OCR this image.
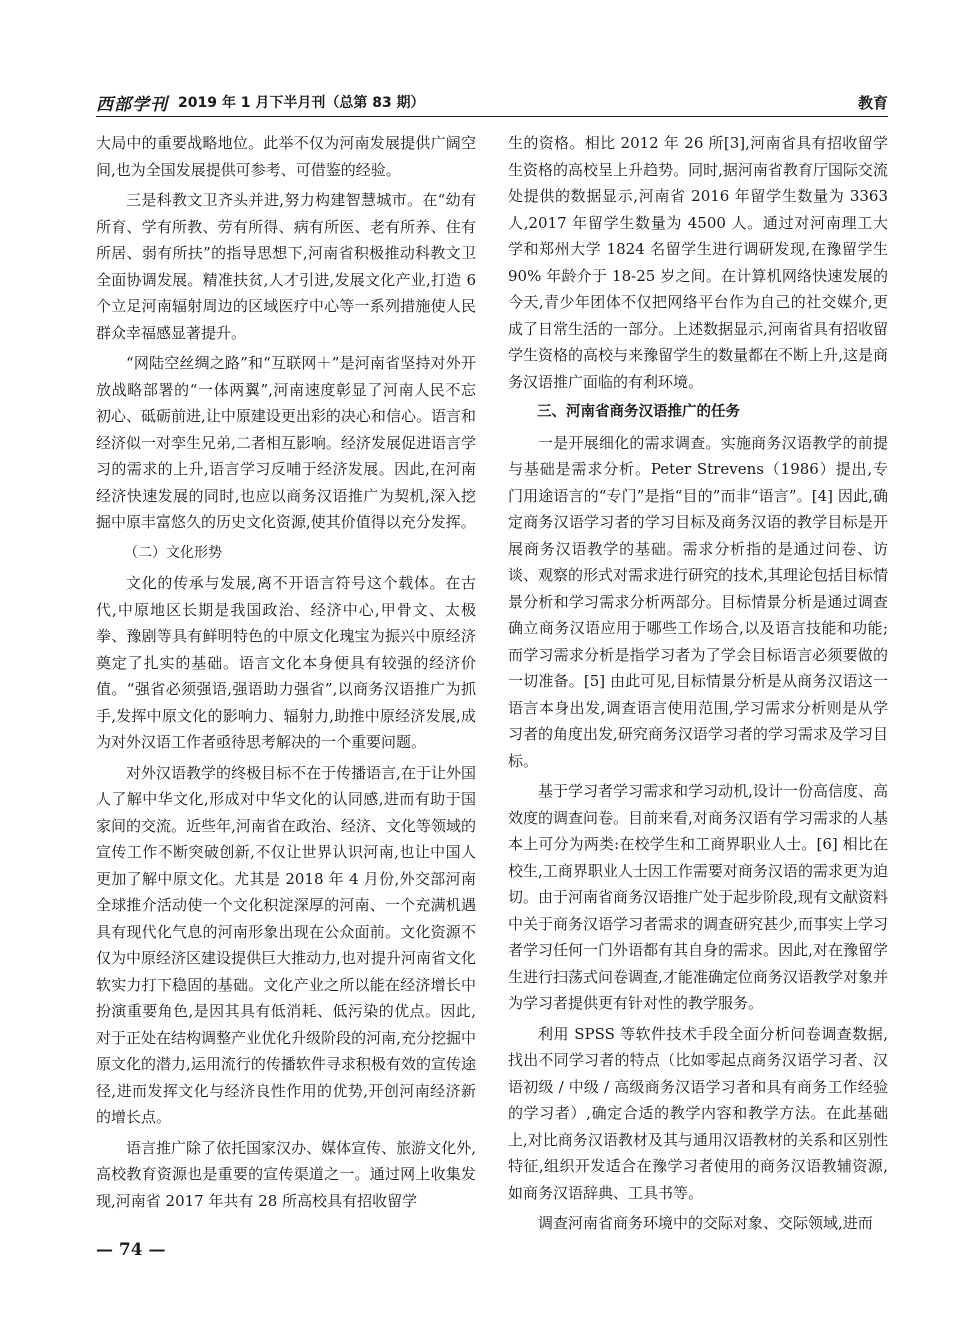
西部学刊 2019 年 1 月下半月刊（总第 83 期）	教育

大局中的重要战略地位。此举不仅为河南发展提供广阔空间,也为全国发展提供可参考、可借鉴的经验。

三是科教文卫齐头并进,努力构建智慧城市。在“幼有所育、学有所教、劳有所得、病有所医、老有所养、住有所居、弱有所扶”的指导思想下,河南省积极推动科教文卫全面协调发展。精准扶贫,人才引进,发展文化产业,打造 6 个立足河南辐射周边的区域医疗中心等一系列措施使人民群众幸福感显著提升。

“网陆空丝绸之路”和“互联网＋”是河南省坚持对外开放战略部署的“一体两翼”,河南速度彰显了河南人民不忘初心、砥砺前进,让中原建设更出彩的决心和信心。语言和经济似一对孪生兄弟,二者相互影响。经济发展促进语言学习的需求的上升,语言学习反哺于经济发展。因此,在河南经济快速发展的同时,也应以商务汉语推广为契机,深入挖掘中原丰富悠久的历史文化资源,使其价值得以充分发挥。

（二）文化形势

文化的传承与发展,离不开语言符号这个载体。在古代,中原地区长期是我国政治、经济中心,甲骨文、太极拳、豫剧等具有鲜明特色的中原文化瑰宝为振兴中原经济奠定了扎实的基础。语言文化本身便具有较强的经济价值。“强省必须强语,强语助力强省”,以商务汉语推广为抓手,发挥中原文化的影响力、辐射力,助推中原经济发展,成为对外汉语工作者亟待思考解决的一个重要问题。

对外汉语教学的终极目标不在于传播语言,在于让外国人了解中华文化,形成对中华文化的认同感,进而有助于国家间的交流。近些年,河南省在政治、经济、文化等领域的宣传工作不断突破创新,不仅让世界认识河南,也让中国人更加了解中原文化。尤其是 2018 年 4 月份,外交部河南全球推介活动使一个文化积淀深厚的河南、一个充满机遇具有现代化气息的河南形象出现在公众面前。文化资源不仅为中原经济区建设提供巨大推动力,也对提升河南省文化软实力打下稳固的基础。文化产业之所以能在经济增长中扮演重要角色,是因其具有低消耗、低污染的优点。因此,对于正处在结构调整产业优化升级阶段的河南,充分挖掘中原文化的潜力,运用流行的传播软件寻求积极有效的宣传途径,进而发挥文化与经济良性作用的优势,开创河南经济新的增长点。

语言推广除了依托国家汉办、媒体宣传、旅游文化外,高校教育资源也是重要的宣传渠道之一。通过网上收集发现,河南省 2017 年共有 28 所高校具有招收留学

生的资格。相比 2012 年 26 所[3],河南省具有招收留学生资格的高校呈上升趋势。同时,据河南省教育厅国际交流处提供的数据显示,河南省 2016 年留学生数量为 3363 人,2017 年留学生数量为 4500 人。通过对河南理工大学和郑州大学 1824 名留学生进行调研发现,在豫留学生 90% 年龄介于 18-25 岁之间。在计算机网络快速发展的今天,青少年团体不仅把网络平台作为自己的社交媒介,更成了日常生活的一部分。上述数据显示,河南省具有招收留学生资格的高校与来豫留学生的数量都在不断上升,这是商务汉语推广面临的有利环境。

三、河南省商务汉语推广的任务

一是开展细化的需求调查。实施商务汉语教学的前提与基础是需求分析。Peter Strevens（1986）提出,专门用途语言的“专门”是指“目的”而非“语言”。[4] 因此,确定商务汉语学习者的学习目标及商务汉语的教学目标是开展商务汉语教学的基础。需求分析指的是通过问卷、访谈、观察的形式对需求进行研究的技术,其理论包括目标情景分析和学习需求分析两部分。目标情景分析是通过调查确立商务汉语应用于哪些工作场合,以及语言技能和功能;而学习需求分析是指学习者为了学会目标语言必须要做的一切准备。[5] 由此可见,目标情景分析是从商务汉语这一语言本身出发,调查语言使用范围,学习需求分析则是从学习者的角度出发,研究商务汉语学习者的学习需求及学习目标。

基于学习者学习需求和学习动机,设计一份高信度、高效度的调查问卷。目前来看,对商务汉语有学习需求的人基本上可分为两类:在校学生和工商界职业人士。[6] 相比在校生,工商界职业人士因工作需要对商务汉语的需求更为迫切。由于河南省商务汉语推广处于起步阶段,现有文献资料中关于商务汉语学习者需求的调查研究甚少,而事实上学习者学习任何一门外语都有其自身的需求。因此,对在豫留学生进行扫荡式问卷调查,才能准确定位商务汉语教学对象并为学习者提供更有针对性的教学服务。

利用 SPSS 等软件技术手段全面分析问卷调查数据,找出不同学习者的特点（比如零起点商务汉语学习者、汉语初级 / 中级 / 高级商务汉语学习者和具有商务工作经验的学习者）,确定合适的教学内容和教学方法。在此基础上,对比商务汉语教材及其与通用汉语教材的关系和区别性特征,组织开发适合在豫学习者使用的商务汉语教辅资源,如商务汉语辞典、工具书等。

调查河南省商务环境中的交际对象、交际领域,进而

— 74 —
